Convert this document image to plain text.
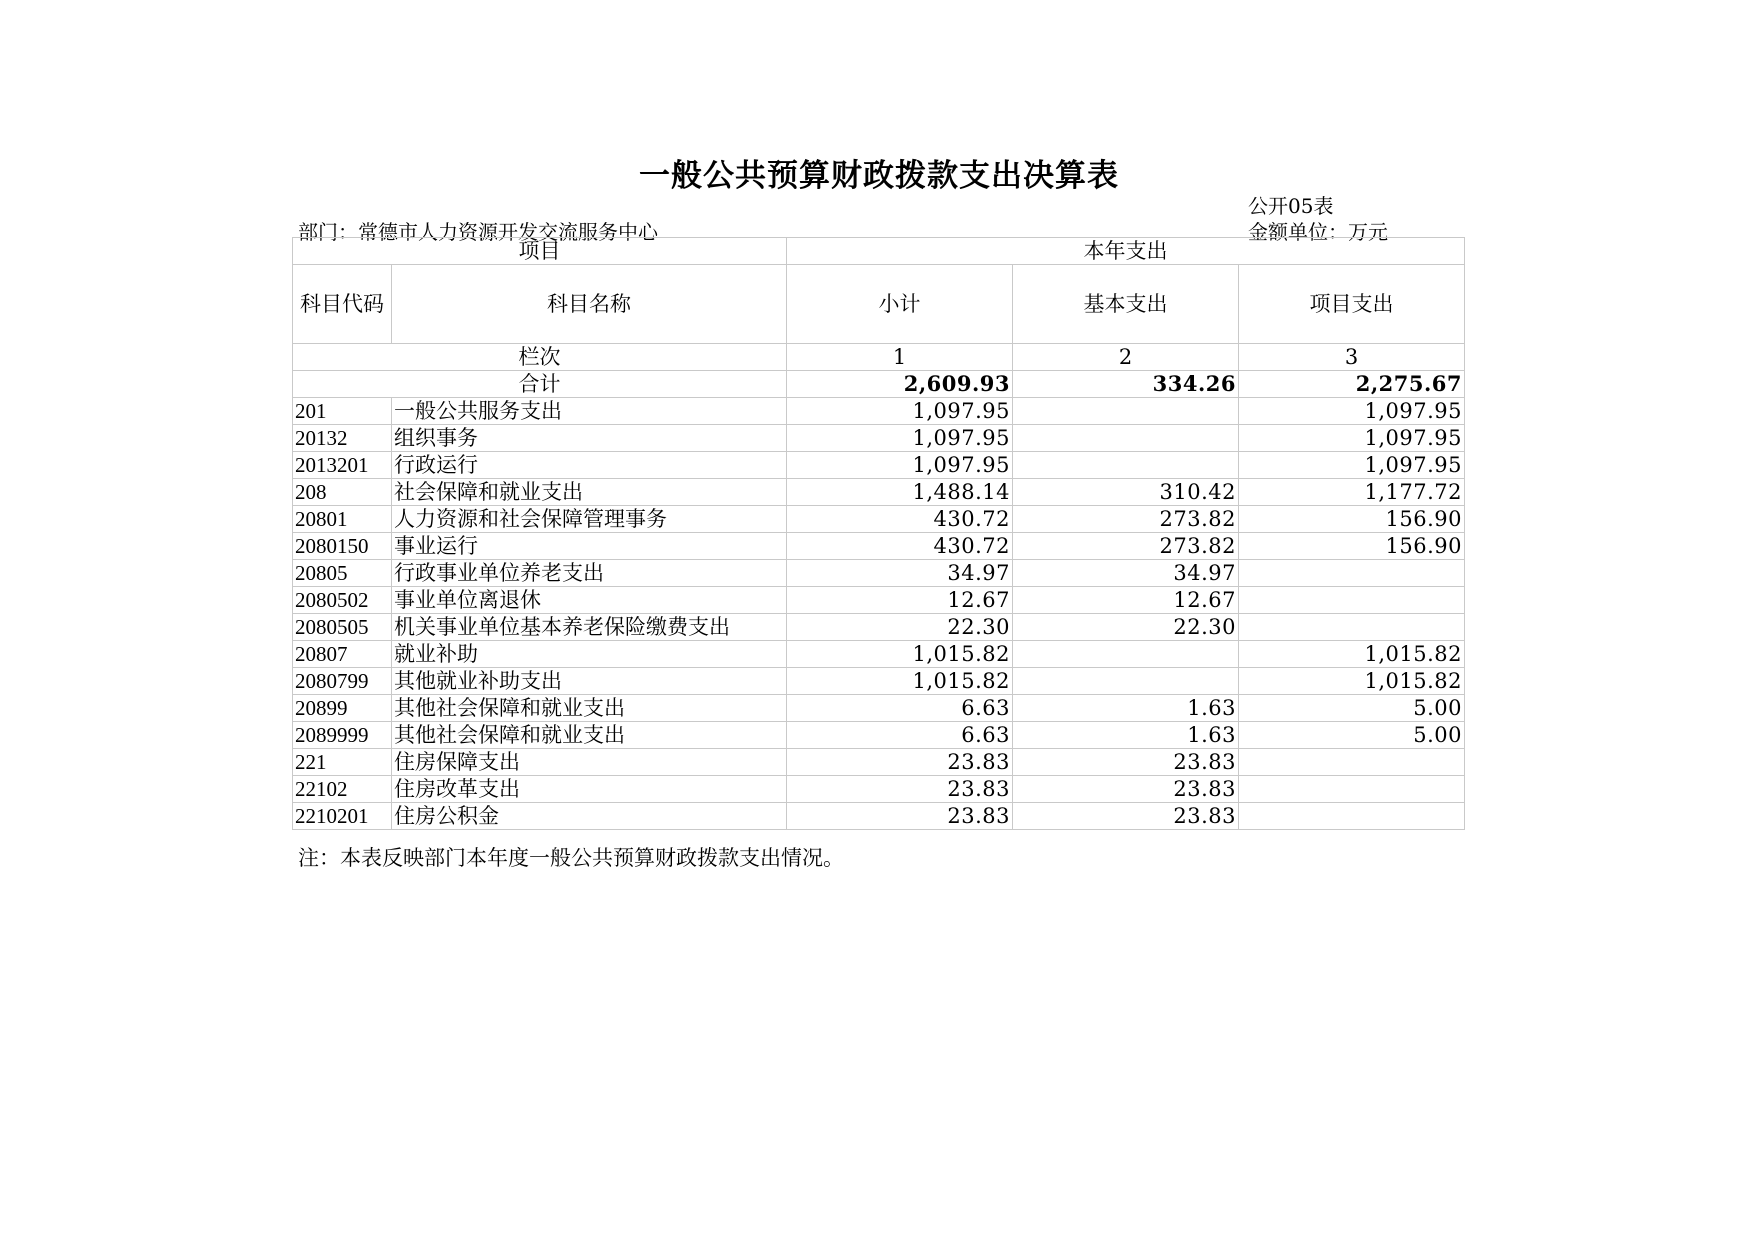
一般公共预算财政拨款支出决算表
公开05表
部门：常德市人力资源开发交流服务中心	金额单位：万元
项目		本年支出		
科目代码	科目名称	小计	基本支出	项目支出
栏次		1	2	3
合计		2,609.93	334.26	2,275.67
201	一般公共服务支出	1,097.95		1,097.95
20132	组织事务	1,097.95		1,097.95
2013201	行政运行	1,097.95		1,097.95
208	社会保障和就业支出	1,488.14	310.42	1,177.72
20801	人力资源和社会保障管理事务	430.72	273.82	156.90
2080150	事业运行	430.72	273.82	156.90
20805	行政事业单位养老支出	34.97	34.97	
2080502	事业单位离退休	12.67	12.67	
2080505	机关事业单位基本养老保险缴费支出	22.30	22.30	
20807	就业补助	1,015.82		1,015.82
2080799	其他就业补助支出	1,015.82		1,015.82
20899	其他社会保障和就业支出	6.63	1.63	5.00
2089999	其他社会保障和就业支出	6.63	1.63	5.00
221	住房保障支出	23.83	23.83	
22102	住房改革支出	23.83	23.83	
2210201	住房公积金	23.83	23.83	
注：本表反映部门本年度一般公共预算财政拨款支出情况。
